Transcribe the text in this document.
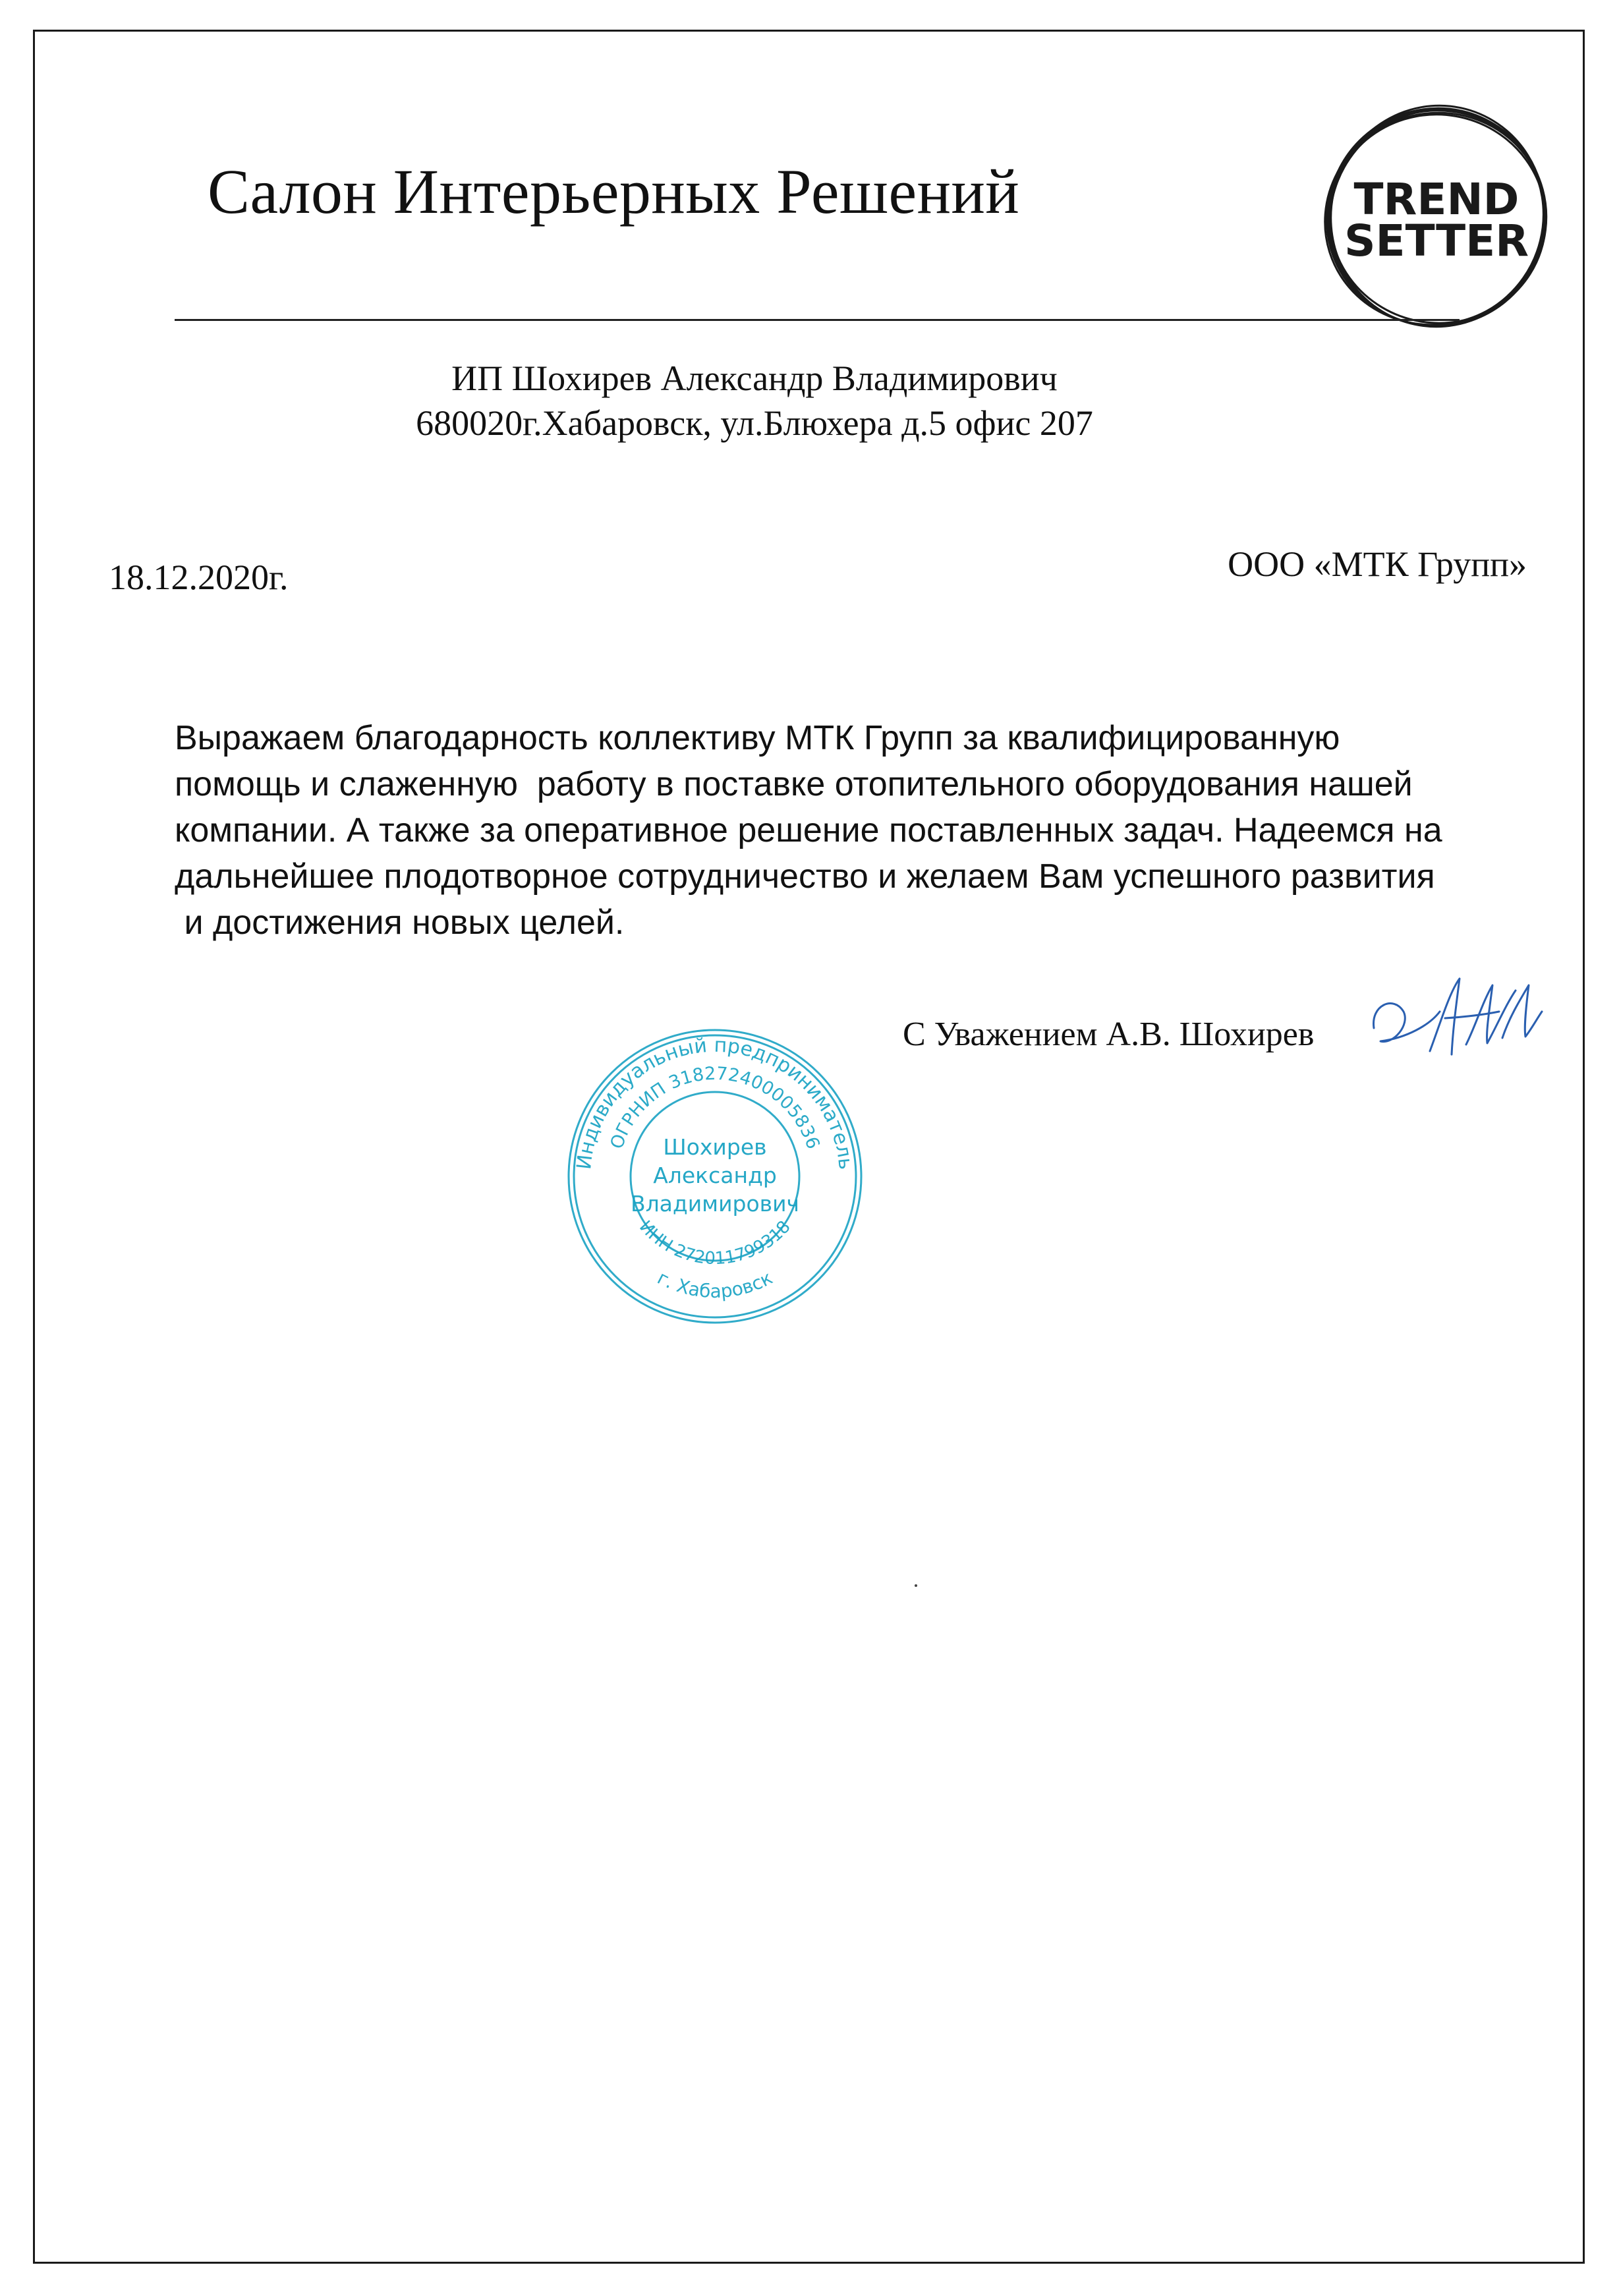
Салон Интерьерных Решений	TREND
SETTER
ИП Шохирев Александр Владимирович
680020г.Хабаровск, ул.Блюхера д.5 офис 207
18.12.2020г.	ООО «МТК Групп»
Выражаем благодарность коллективу МТК Групп за квалифицированную
помощь и слаженную  работу в поставке отопительного оборудования нашей
компании. А также за оперативное решение поставленных задач. Надеемся на
дальнейшее плодотворное сотрудничество и желаем Вам успешного развития
и достижения новых целей.
С Уважением А.В. Шохирев
Индивидуальный предприниматель
ОГРНИП 318272400005836
ИНН 272011799318
г. Хабаровск
Шохирев
Александр
Владимирович
